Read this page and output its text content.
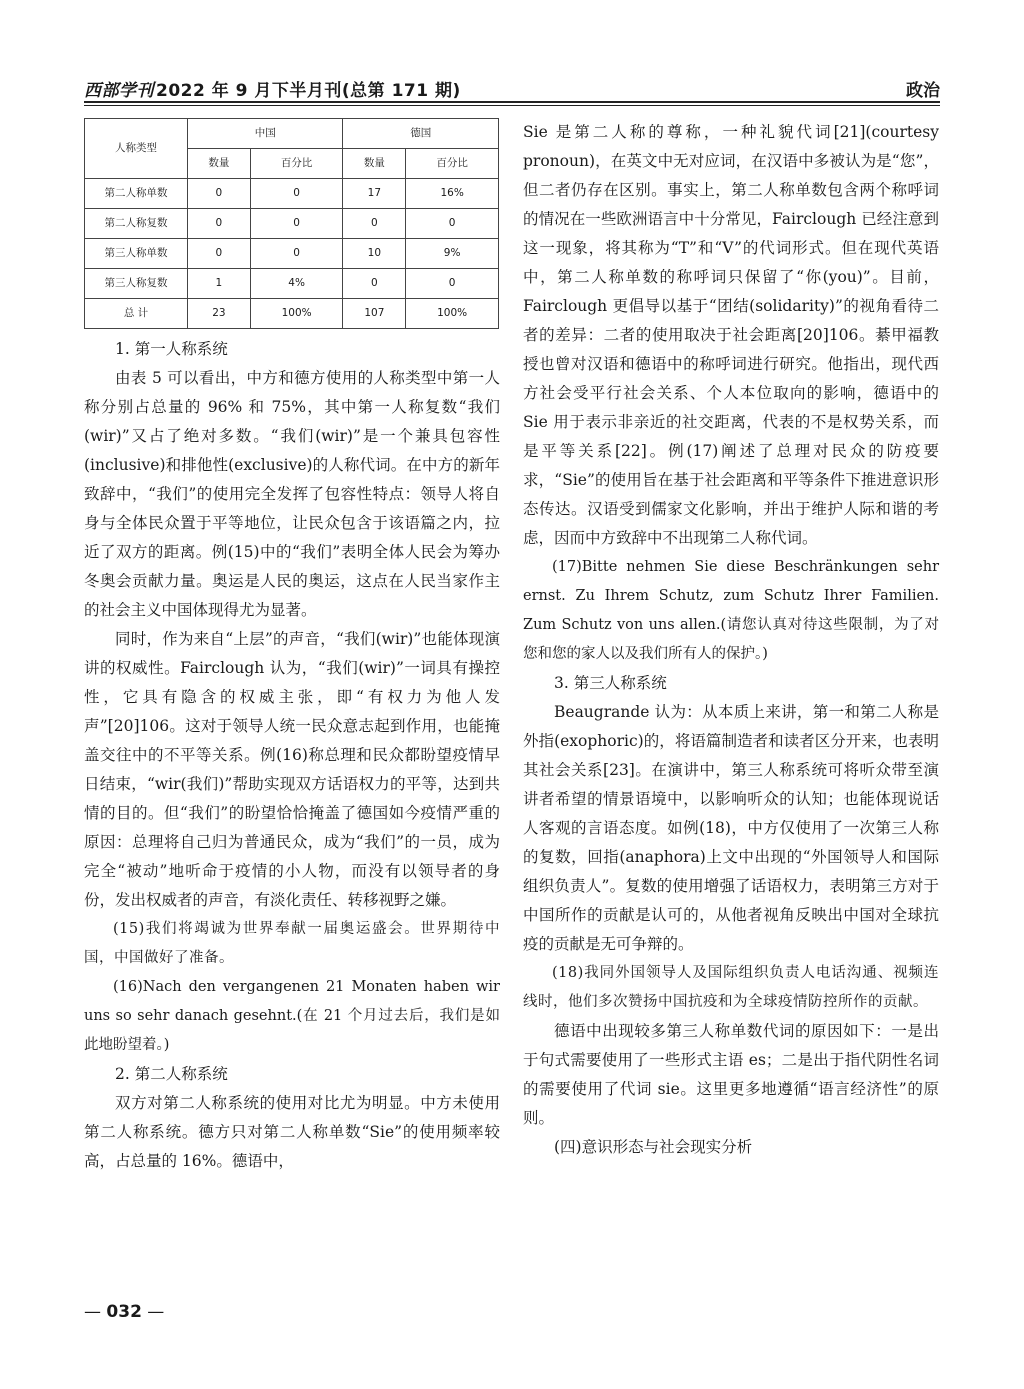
西部学刊 2022 年 9 月下半月刊(总第 171 期)	政治
人称类型	中国		德国	
	数量	百分比	数量	百分比
第二人称单数	0	0	17	16%
第二人称复数	0	0	0	0
第三人称单数	0	0	10	9%
第三人称复数	1	4%	0	0
总 计	23	100%	107	100%

1. 第一人称系统

由表 5 可以看出，中方和德方使用的人称类型中第一人称分别占总量的 96% 和 75%，其中第一人称复数“我们(wir)”又占了绝对多数。“我们(wir)”是一个兼具包容性(inclusive)和排他性(exclusive)的人称代词。在中方的新年致辞中，“我们”的使用完全发挥了包容性特点：领导人将自身与全体民众置于平等地位，让民众包含于该语篇之内，拉近了双方的距离。例(15)中的“我们”表明全体人民会为筹办冬奥会贡献力量。奥运是人民的奥运，这点在人民当家作主的社会主义中国体现得尤为显著。

同时，作为来自“上层”的声音，“我们(wir)”也能体现演讲的权威性。Fairclough 认为，“我们(wir)”一词具有操控性，它具有隐含的权威主张，即“有权力为他人发声”[20]106。这对于领导人统一民众意志起到作用，也能掩盖交往中的不平等关系。例(16)称总理和民众都盼望疫情早日结束，“wir(我们)”帮助实现双方话语权力的平等，达到共情的目的。但“我们”的盼望恰恰掩盖了德国如今疫情严重的原因：总理将自己归为普通民众，成为“我们”的一员，成为完全“被动”地听命于疫情的小人物，而没有以领导者的身份，发出权威者的声音，有淡化责任、转移视野之嫌。

(15)我们将竭诚为世界奉献一届奥运盛会。世界期待中国，中国做好了准备。

(16)Nach den vergangenen 21 Monaten haben wir uns so sehr danach gesehnt.(在 21 个月过去后，我们是如此地盼望着。)

2. 第二人称系统

双方对第二人称系统的使用对比尤为明显。中方未使用第二人称系统。德方只对第二人称单数“Sie”的使用频率较高，占总量的 16%。德语中，

Sie 是第二人称的尊称，一种礼貌代词[21](courtesy pronoun)，在英文中无对应词，在汉语中多被认为是“您”，但二者仍存在区别。事实上，第二人称单数包含两个称呼词的情况在一些欧洲语言中十分常见，Fairclough 已经注意到这一现象，将其称为“T”和“V”的代词形式。但在现代英语中，第二人称单数的称呼词只保留了“你(you)”。目前，Fairclough 更倡导以基于“团结(solidarity)”的视角看待二者的差异：二者的使用取决于社会距离[20]106。綦甲福教授也曾对汉语和德语中的称呼词进行研究。他指出，现代西方社会受平行社会关系、个人本位取向的影响，德语中的 Sie 用于表示非亲近的社交距离，代表的不是权势关系，而是平等关系[22]。例(17)阐述了总理对民众的防疫要求，“Sie”的使用旨在基于社会距离和平等条件下推进意识形态传达。汉语受到儒家文化影响，并出于维护人际和谐的考虑，因而中方致辞中不出现第二人称代词。

(17)Bitte nehmen Sie diese Beschränkungen sehr ernst. Zu Ihrem Schutz, zum Schutz Ihrer Familien. Zum Schutz von uns allen.(请您认真对待这些限制，为了对您和您的家人以及我们所有人的保护。)

3. 第三人称系统

Beaugrande 认为：从本质上来讲，第一和第二人称是外指(exophoric)的，将语篇制造者和读者区分开来，也表明其社会关系[23]。在演讲中，第三人称系统可将听众带至演讲者希望的情景语境中，以影响听众的认知；也能体现说话人客观的言语态度。如例(18)，中方仅使用了一次第三人称的复数，回指(anaphora)上文中出现的“外国领导人和国际组织负责人”。复数的使用增强了话语权力，表明第三方对于中国所作的贡献是认可的，从他者视角反映出中国对全球抗疫的贡献是无可争辩的。

(18)我同外国领导人及国际组织负责人电话沟通、视频连线时，他们多次赞扬中国抗疫和为全球疫情防控所作的贡献。

德语中出现较多第三人称单数代词的原因如下：一是出于句式需要使用了一些形式主语 es；二是出于指代阴性名词的需要使用了代词 sie。这里更多地遵循“语言经济性”的原则。

(四)意识形态与社会现实分析

— 032 —
